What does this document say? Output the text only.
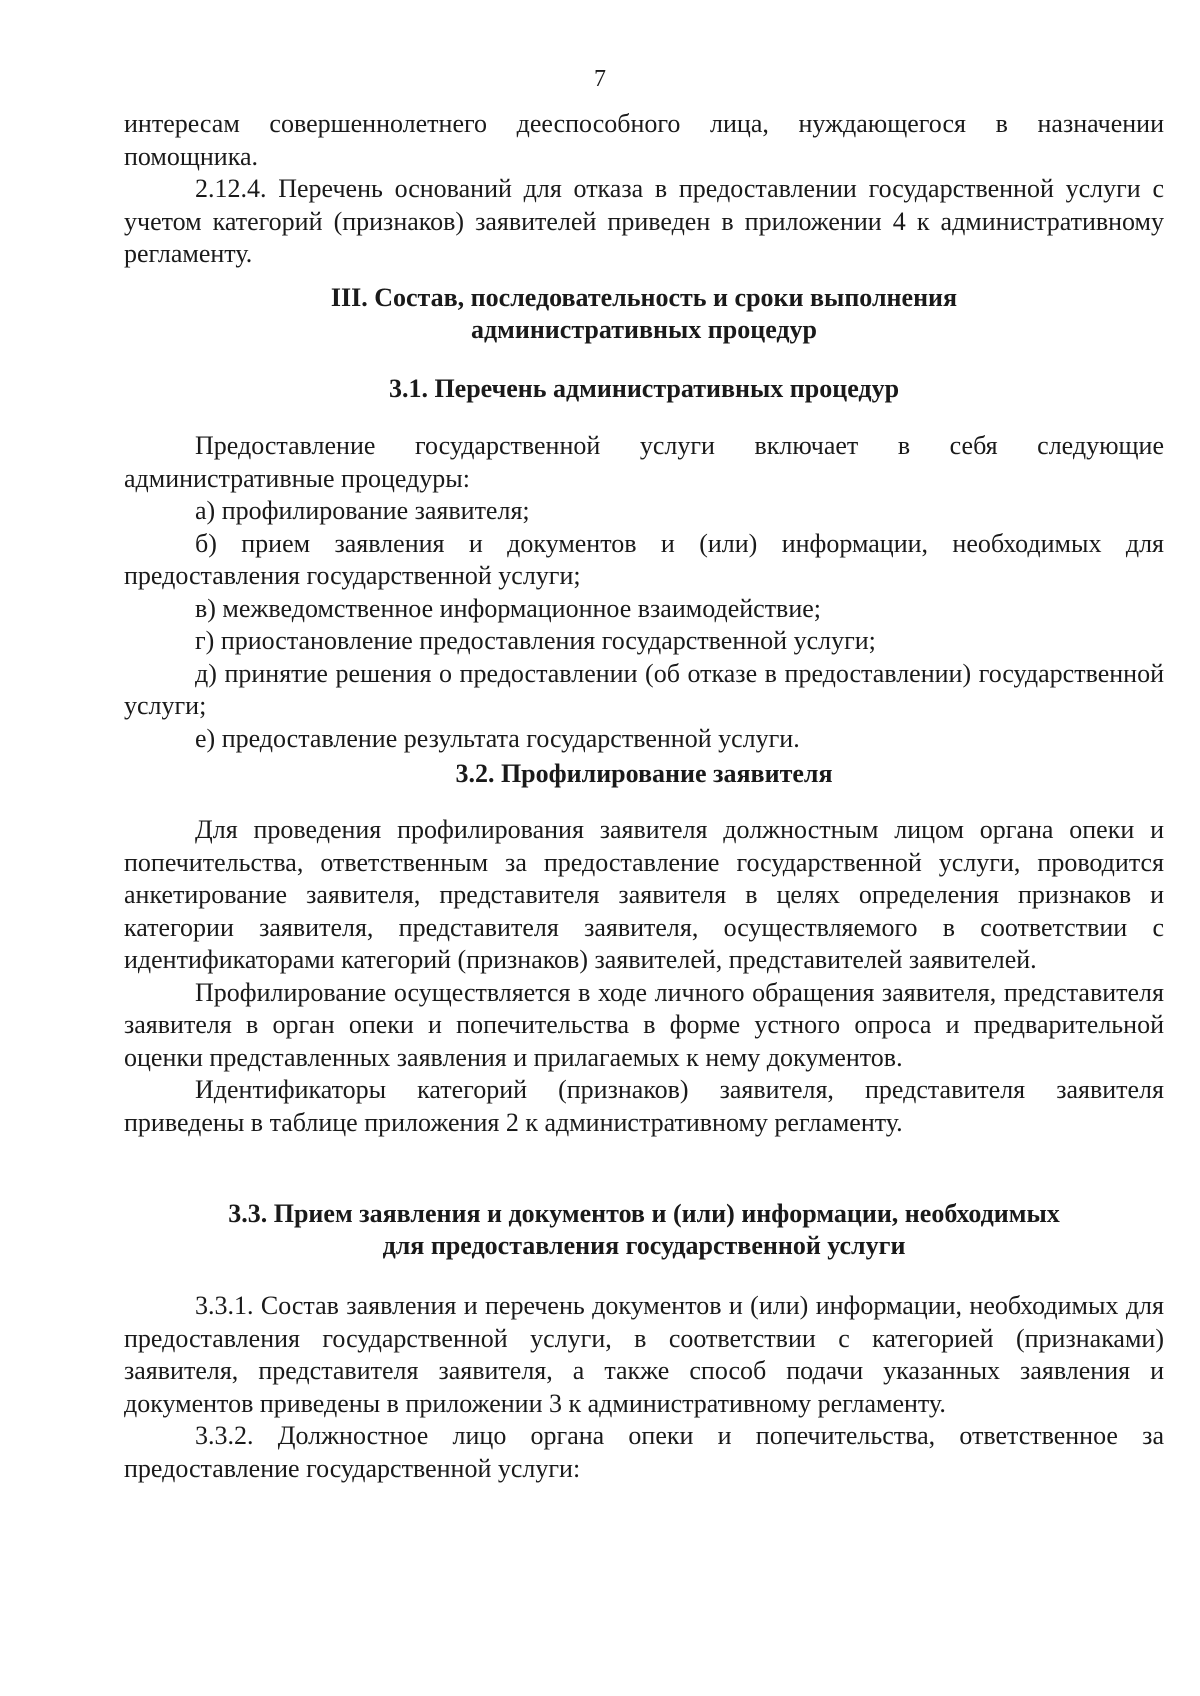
7

интересам совершеннолетнего дееспособного лица, нуждающегося в назначении помощника.

2.12.4. Перечень оснований для отказа в предоставлении государственной услуги с учетом категорий (признаков) заявителей приведен в приложении 4 к административному регламенту.

III. Состав, последовательность и сроки выполнения
административных процедур
3.1. Перечень административных процедур

Предоставление государственной услуги включает в себя следующие административные процедуры:

а) профилирование заявителя;

б) прием заявления и документов и (или) информации, необходимых для предоставления государственной услуги;

в) межведомственное информационное взаимодействие;

г) приостановление предоставления государственной услуги;

д) принятие решения о предоставлении (об отказе в предоставлении) государственной услуги;

е) предоставление результата государственной услуги.

3.2. Профилирование заявителя

Для проведения профилирования заявителя должностным лицом органа опеки и попечительства, ответственным за предоставление государственной услуги, проводится анкетирование заявителя, представителя заявителя в целях определения признаков и категории заявителя, представителя заявителя, осуществляемого в соответствии с идентификаторами категорий (признаков) заявителей, представителей заявителей.

Профилирование осуществляется в ходе личного обращения заявителя, представителя заявителя в орган опеки и попечительства в форме устного опроса и предварительной оценки представленных заявления и прилагаемых к нему документов.

Идентификаторы категорий (признаков) заявителя, представителя заявителя приведены в таблице приложения 2 к административному регламенту.

3.3. Прием заявления и документов и (или) информации, необходимых
для предоставления государственной услуги

3.3.1. Состав заявления и перечень документов и (или) информации, необходимых для предоставления государственной услуги, в соответствии с категорией (признаками) заявителя, представителя заявителя, а также способ подачи указанных заявления и документов приведены в приложении 3 к административному регламенту.

3.3.2. Должностное лицо органа опеки и попечительства, ответственное за предоставление государственной услуги:
